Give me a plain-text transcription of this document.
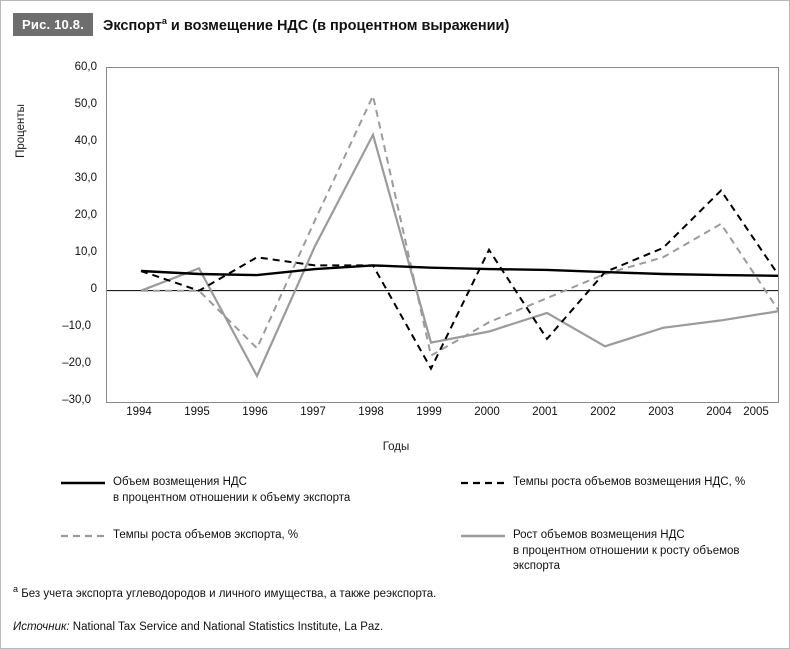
Рис. 10.8.	Экспорт$^а$ и возмещение НДС (в процентном выражении)
Проценты
60,0
50,0
40,0
30,0
20,0
10,0
0
–10,0
–20,0
–30,0
1994	1995	1996	1997	1998	1999	2000	2001	2002	2003	2004 2005
Годы
Объем возмещения НДС
в процентном отношении к объему экспорта
Темпы роста объемов возмещения НДС, %
Темпы роста объемов экспорта, %	Рост объемов возмещения НДС
в процентном отношении к росту объемов экспорта
$^а$ Без учета экспорта углеводородов и личного имущества, а также реэкспорта.
Источник: National Tax Service and National Statistics Institute, La Paz.
